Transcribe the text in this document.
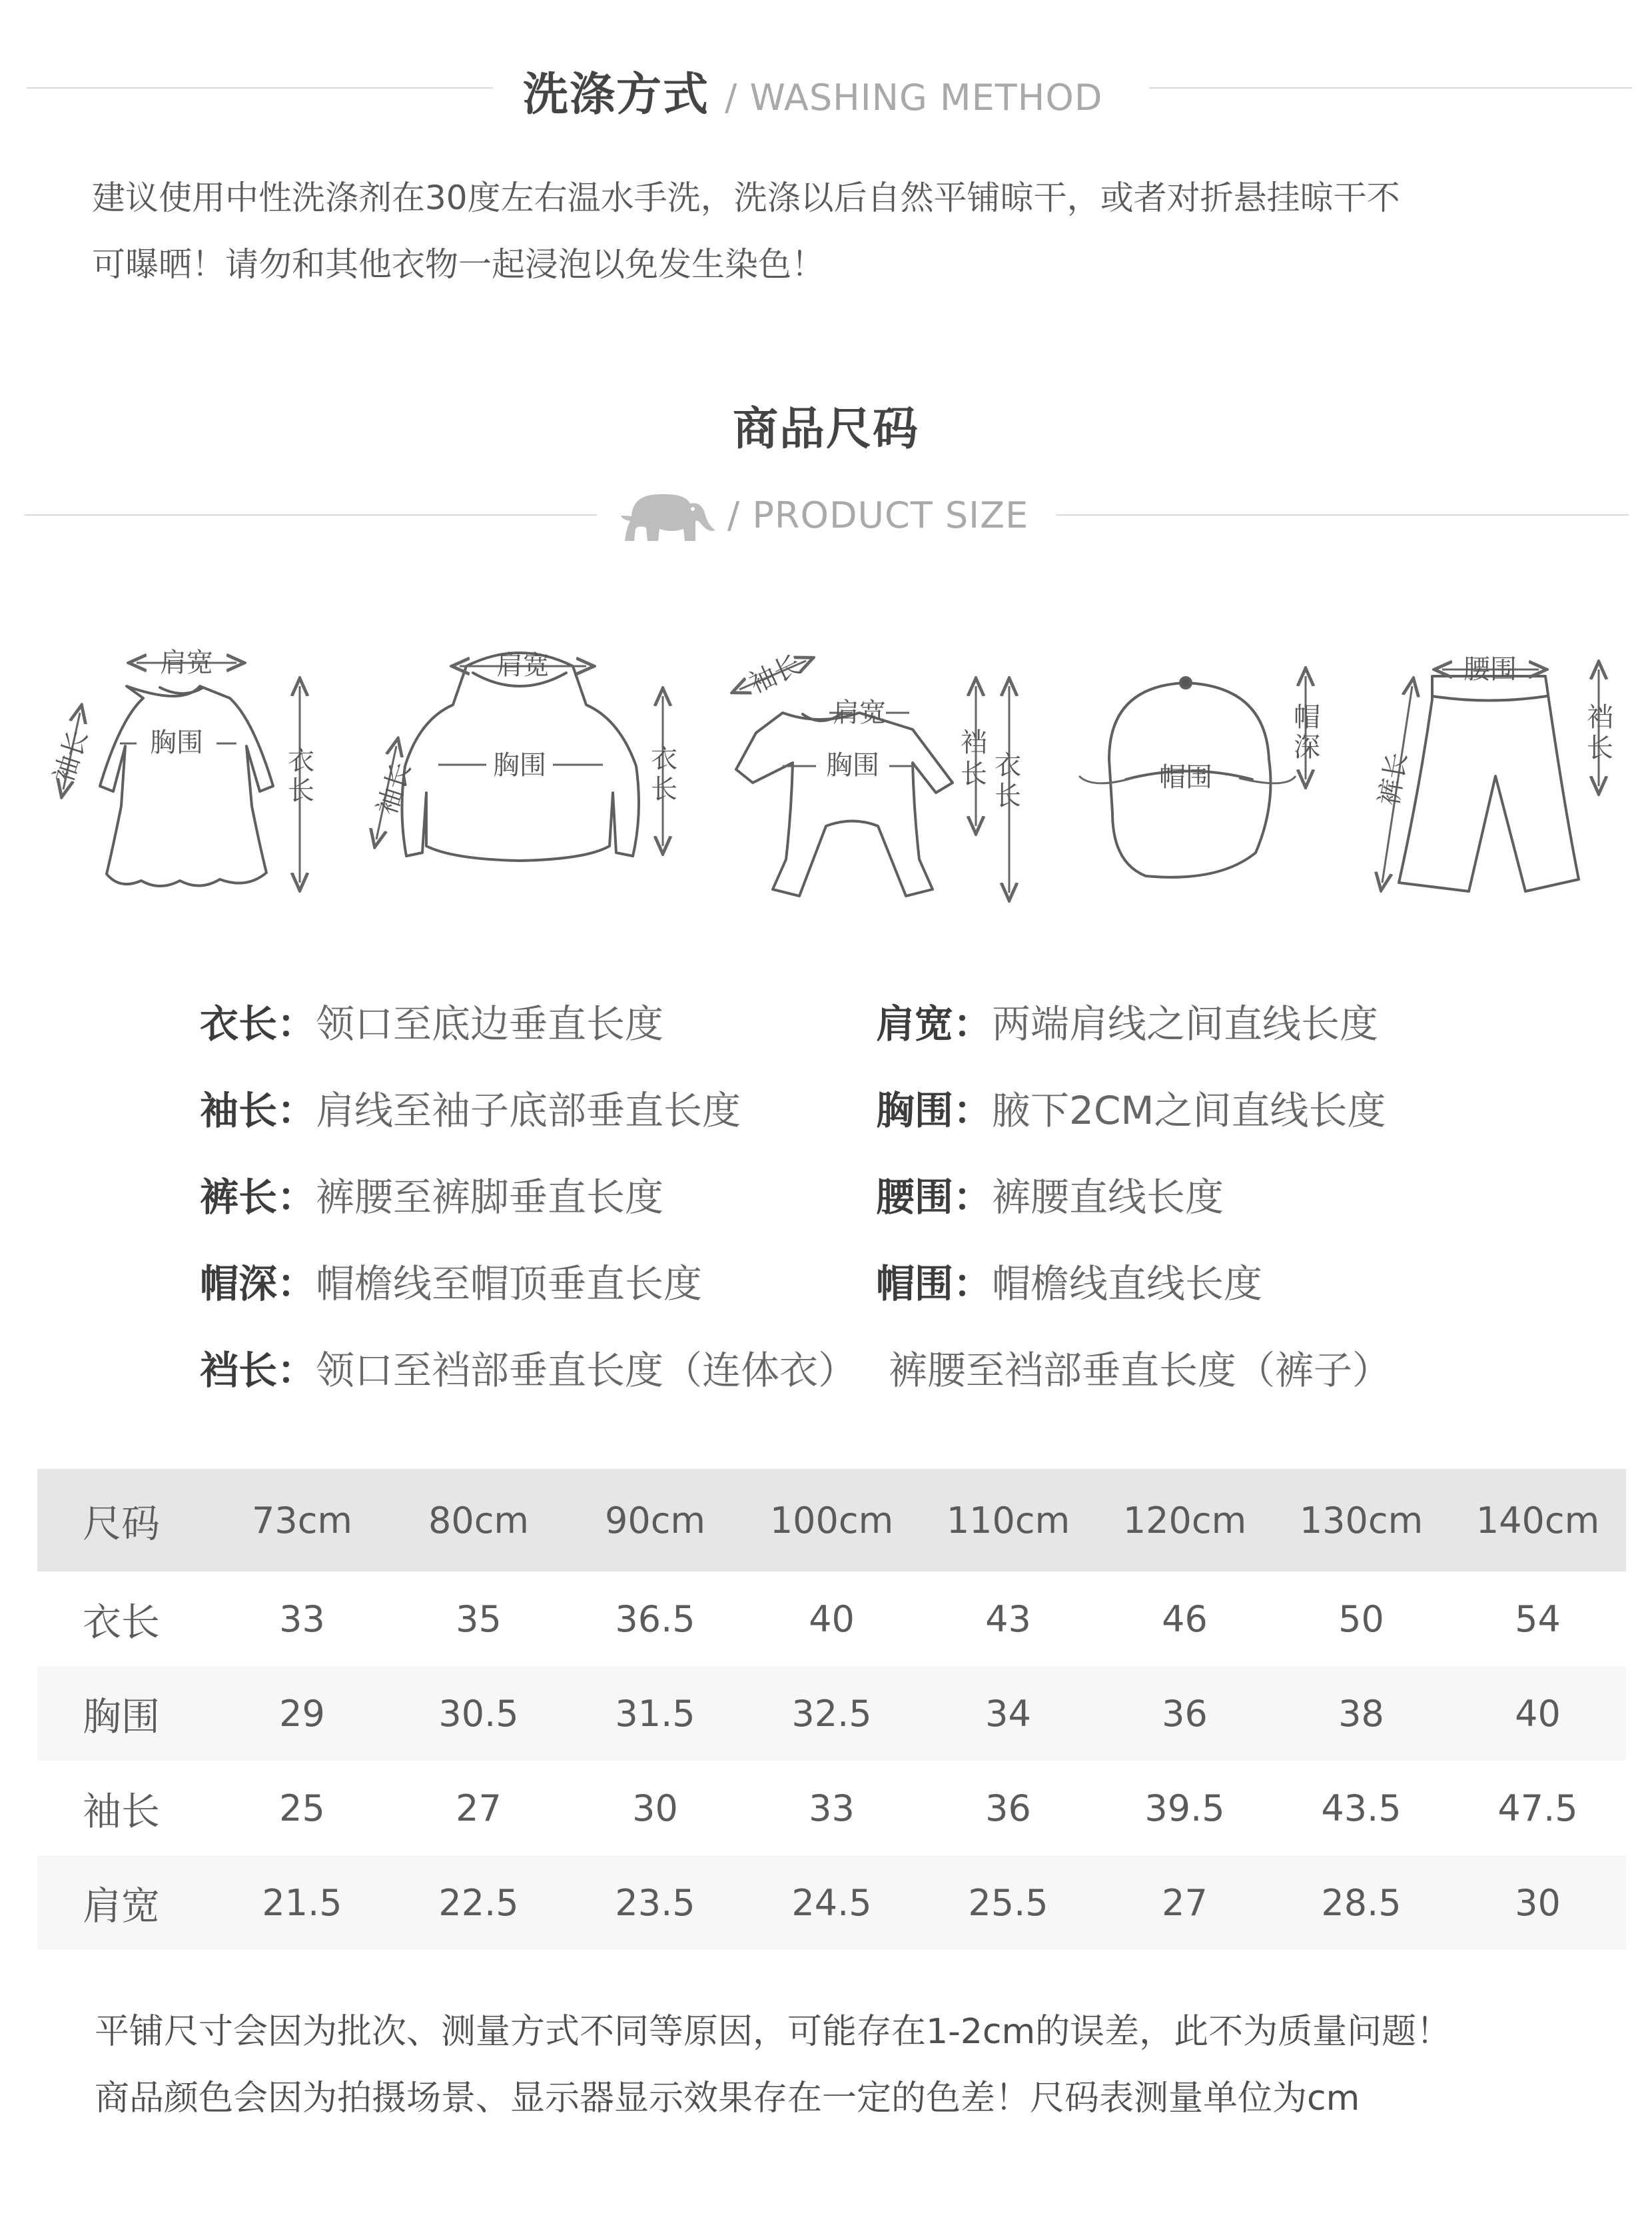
洗涤方式 / WASHING METHOD
建议使用中性洗涤剂在30度左右温水手洗，洗涤以后自然平铺晾干，或者对折悬挂晾干不
可曝晒！请勿和其他衣物一起浸泡以免发生染色！
商品尺码
/ PRODUCT SIZE
肩宽
胸围
袖长	衣
长
肩宽
胸围
袖长	衣
长
袖长
肩宽
胸围
裆
长 衣
长
帽围
帽
深
腰围
裤长
裆
长
衣长：领口至底边垂直长度	肩宽：两端肩线之间直线长度
袖长：肩线至袖子底部垂直长度	胸围：腋下2CM之间直线长度
裤长：裤腰至裤脚垂直长度	腰围：裤腰直线长度
帽深：帽檐线至帽顶垂直长度	帽围：帽檐线直线长度
裆长：领口至裆部垂直长度（连体衣） 裤腰至裆部垂直长度（裤子）
尺码	73cm	80cm	90cm	100cm	110cm	120cm	130cm	140cm
衣长	33	35	36.5	40	43	46	50	54
胸围	29	30.5	31.5	32.5	34	36	38	40
袖长	25	27	30	33	36	39.5	43.5	47.5
肩宽	21.5	22.5	23.5	24.5	25.5	27	28.5	30
平铺尺寸会因为批次、测量方式不同等原因，可能存在1-2cm的误差，此不为质量问题！
商品颜色会因为拍摄场景、显示器显示效果存在一定的色差！尺码表测量单位为cm
